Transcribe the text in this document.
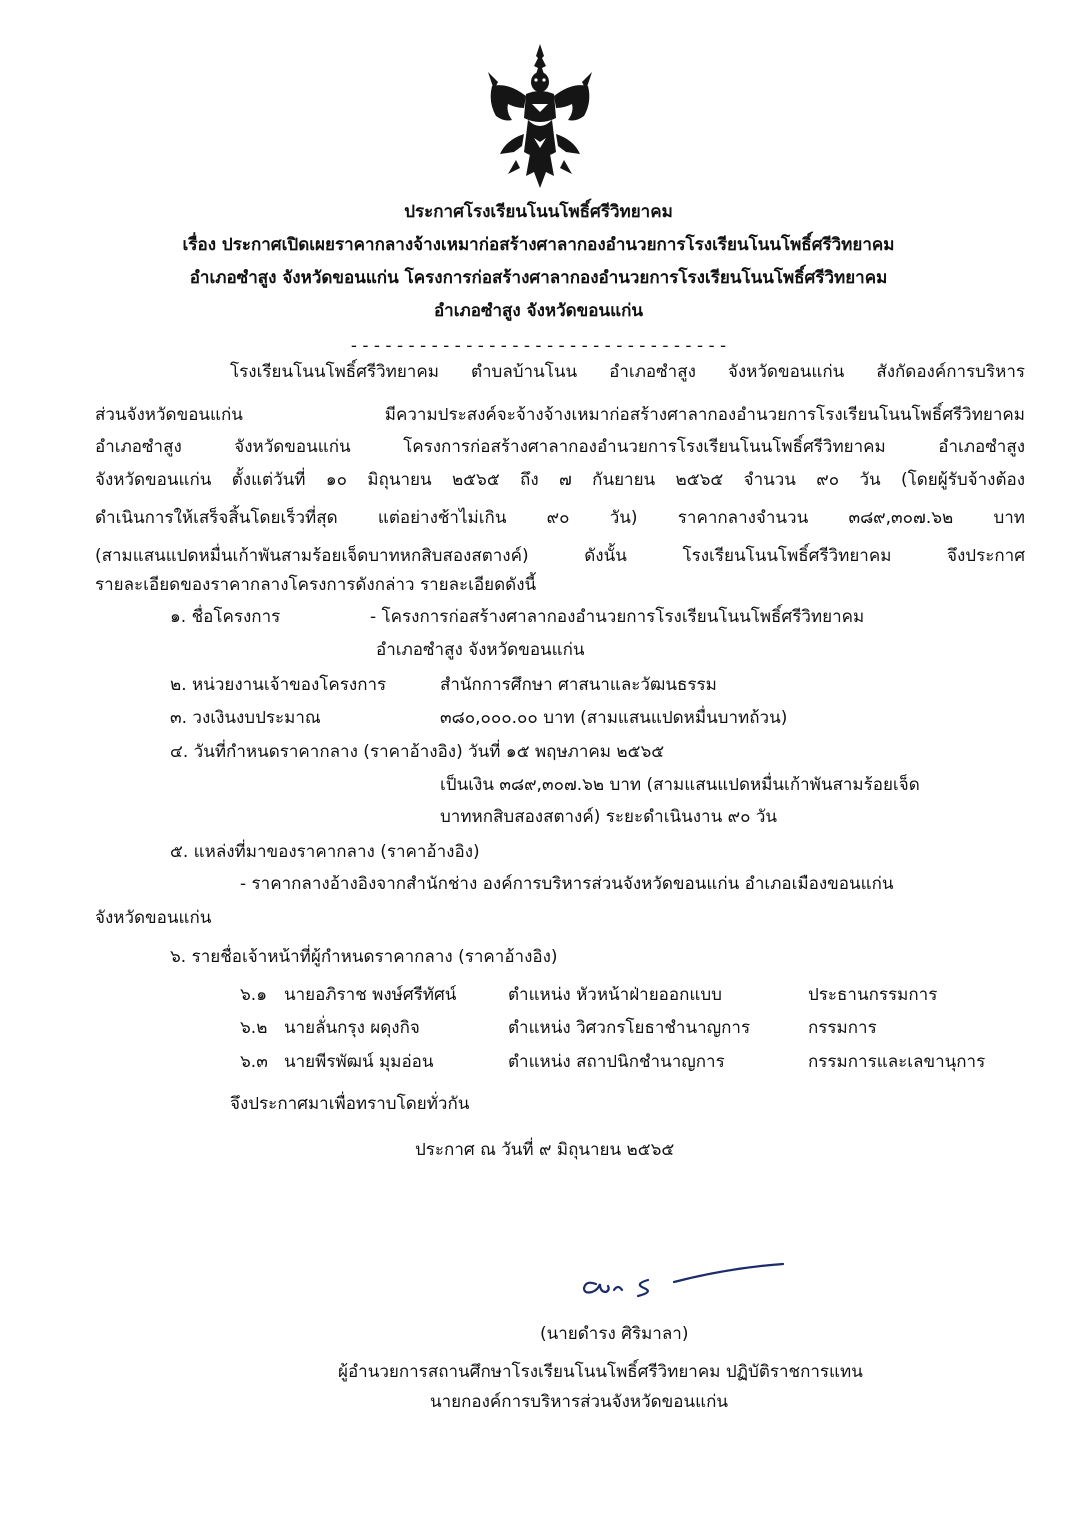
ประกาศโรงเรียนโนนโพธิ์ศรีวิทยาคม
เรื่อง ประกาศเปิดเผยราคากลางจ้างเหมาก่อสร้างศาลากองอำนวยการโรงเรียนโนนโพธิ์ศรีวิทยาคม
อำเภอซำสูง จังหวัดขอนแก่น โครงการก่อสร้างศาลากองอำนวยการโรงเรียนโนนโพธิ์ศรีวิทยาคม
อำเภอซำสูง จังหวัดขอนแก่น
- - - - - - - - - - - - - - - - - - - - - - - - - - - - - - - - -
โรงเรียนโนนโพธิ์ศรีวิทยาคม ตำบลบ้านโนน อำเภอซำสูง จังหวัดขอนแก่น สังกัดองค์การบริหาร
ส่วนจังหวัดขอนแก่น มีความประสงค์จะจ้างจ้างเหมาก่อสร้างศาลากองอำนวยการโรงเรียนโนนโพธิ์ศรีวิทยาคม
อำเภอซำสูง จังหวัดขอนแก่น โครงการก่อสร้างศาลากองอำนวยการโรงเรียนโนนโพธิ์ศรีวิทยาคม อำเภอซำสูง
จังหวัดขอนแก่น ตั้งแต่วันที่ ๑๐ มิถุนายน ๒๕๖๕ ถึง ๗ กันยายน ๒๕๖๕ จำนวน ๙๐ วัน (โดยผู้รับจ้างต้อง
ดำเนินการให้เสร็จสิ้นโดยเร็วที่สุด แต่อย่างช้าไม่เกิน ๙๐ วัน) ราคากลางจำนวน ๓๘๙,๓๐๗.๖๒ บาท
(สามแสนแปดหมื่นเก้าพันสามร้อยเจ็ดบาทหกสิบสองสตางค์) ดังนั้น โรงเรียนโนนโพธิ์ศรีวิทยาคม จึงประกาศ
รายละเอียดของราคากลางโครงการดังกล่าว รายละเอียดดังนี้
๑. ชื่อโครงการ	- โครงการก่อสร้างศาลากองอำนวยการโรงเรียนโนนโพธิ์ศรีวิทยาคม
อำเภอซำสูง จังหวัดขอนแก่น
๒. หน่วยงานเจ้าของโครงการ	สำนักการศึกษา ศาสนาและวัฒนธรรม
๓. วงเงินงบประมาณ	๓๘๐,๐๐๐.๐๐ บาท (สามแสนแปดหมื่นบาทถ้วน)
๔. วันที่กำหนดราคากลาง (ราคาอ้างอิง) วันที่ ๑๕ พฤษภาคม ๒๕๖๕
เป็นเงิน ๓๘๙,๓๐๗.๖๒ บาท (สามแสนแปดหมื่นเก้าพันสามร้อยเจ็ด
บาทหกสิบสองสตางค์) ระยะดำเนินงาน ๙๐ วัน
๕. แหล่งที่มาของราคากลาง (ราคาอ้างอิง)
- ราคากลางอ้างอิงจากสำนักช่าง องค์การบริหารส่วนจังหวัดขอนแก่น อำเภอเมืองขอนแก่น
จังหวัดขอนแก่น
๖. รายชื่อเจ้าหน้าที่ผู้กำหนดราคากลาง (ราคาอ้างอิง)
๖.๑ นายอภิราช พงษ์ศรีทัศน์	ตำแหน่ง หัวหน้าฝ่ายออกแบบ	ประธานกรรมการ
๖.๒ นายลั่นกรุง ผดุงกิจ	ตำแหน่ง วิศวกรโยธาชำนาญการ	กรรมการ
๖.๓ นายพีรพัฒน์ มุมอ่อน	ตำแหน่ง สถาปนิกชำนาญการ	กรรมการและเลขานุการ
จึงประกาศมาเพื่อทราบโดยทั่วกัน
ประกาศ ณ วันที่ ๙ มิถุนายน ๒๕๖๕
(นายดำรง ศิริมาลา)
ผู้อำนวยการสถานศึกษาโรงเรียนโนนโพธิ์ศรีวิทยาคม ปฏิบัติราชการแทน
นายกองค์การบริหารส่วนจังหวัดขอนแก่น
